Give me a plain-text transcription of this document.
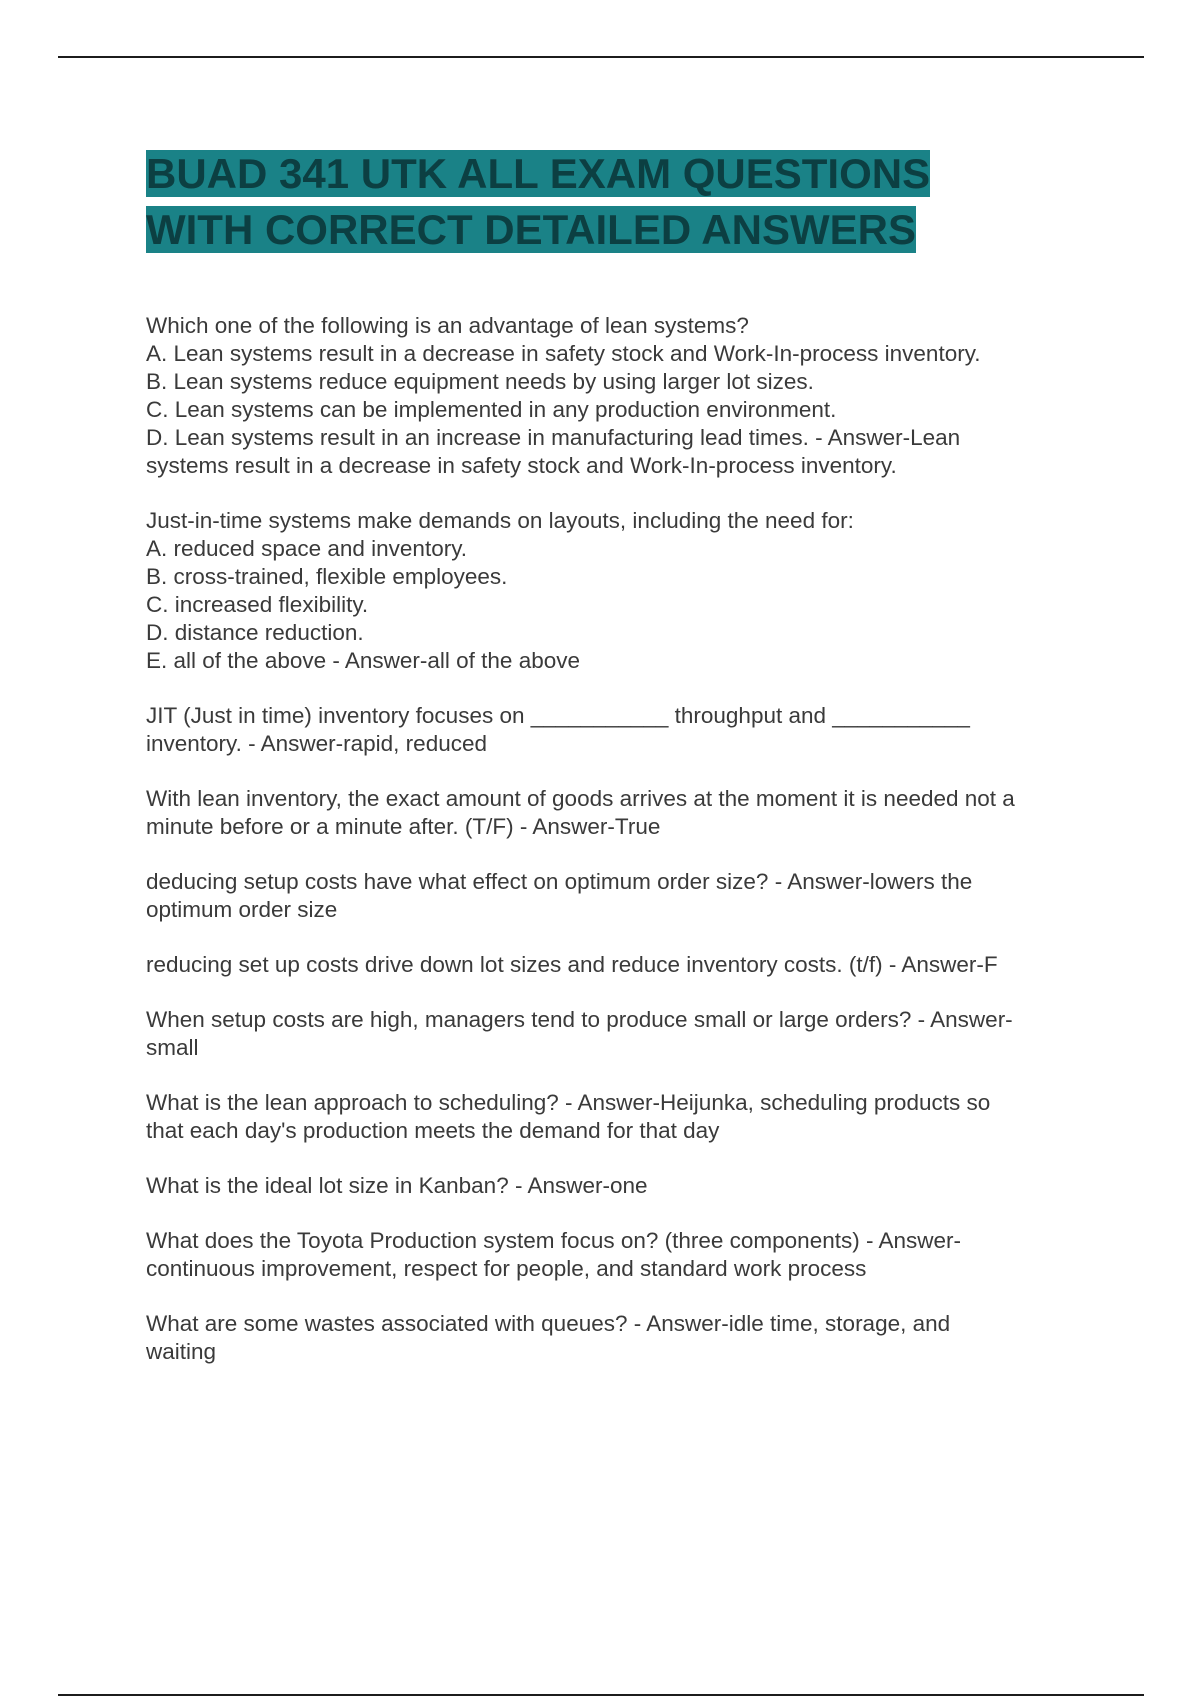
BUAD 341 UTK ALL EXAM QUESTIONS
WITH CORRECT DETAILED ANSWERS
Which one of the following is an advantage of lean systems?
A. Lean systems result in a decrease in safety stock and Work-In-process inventory.
B. Lean systems reduce equipment needs by using larger lot sizes.
C. Lean systems can be implemented in any production environment.
D. Lean systems result in an increase in manufacturing lead times. - Answer-Lean
systems result in a decrease in safety stock and Work-In-process inventory.
Just-in-time systems make demands on layouts, including the need for:
A. reduced space and inventory.
B. cross-trained, flexible employees.
C. increased flexibility.
D. distance reduction.
E. all of the above - Answer-all of the above
JIT (Just in time) inventory focuses on ___________ throughput and ___________
inventory. - Answer-rapid, reduced
With lean inventory, the exact amount of goods arrives at the moment it is needed not a
minute before or a minute after. (T/F) - Answer-True
deducing setup costs have what effect on optimum order size? - Answer-lowers the
optimum order size
reducing set up costs drive down lot sizes and reduce inventory costs. (t/f) - Answer-F
When setup costs are high, managers tend to produce small or large orders? - Answer-
small
What is the lean approach to scheduling? - Answer-Heijunka, scheduling products so
that each day's production meets the demand for that day
What is the ideal lot size in Kanban? - Answer-one
What does the Toyota Production system focus on? (three components) - Answer-
continuous improvement, respect for people, and standard work process
What are some wastes associated with queues? - Answer-idle time, storage, and
waiting
